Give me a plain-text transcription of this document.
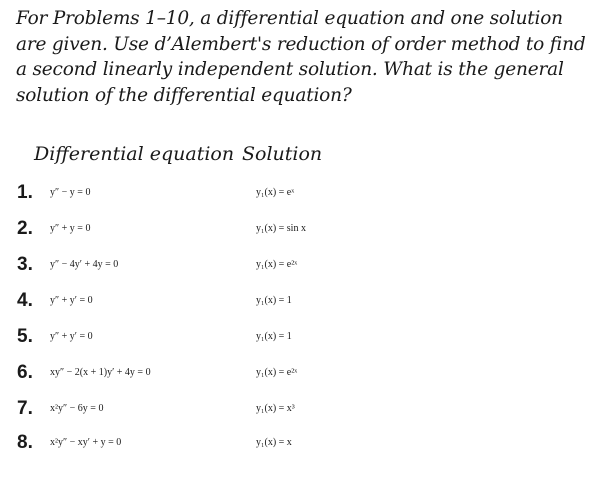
For Problems 1–10, a differential equation and one solution are given. Use d’Alembert's reduction of order method to find a second linearly independent solution. What is the general solution of the differential equation?

Differential equation Solution
1. y″ − y = 0	y₁(x) = eˣ
2. y″ + y = 0	y₁(x) = sin x
3. y″ − 4y′ + 4y = 0	y₁(x) = e²ˣ
4. y″ + y′ = 0	y₁(x) = 1
5. y″ + y′ = 0	y₁(x) = 1
6. xy″ − 2(x + 1)y′ + 4y = 0	y₁(x) = e²ˣ
7. x²y″ − 6y = 0	y₁(x) = x³
8. x²y″ − xy′ + y = 0	y₁(x) = x
